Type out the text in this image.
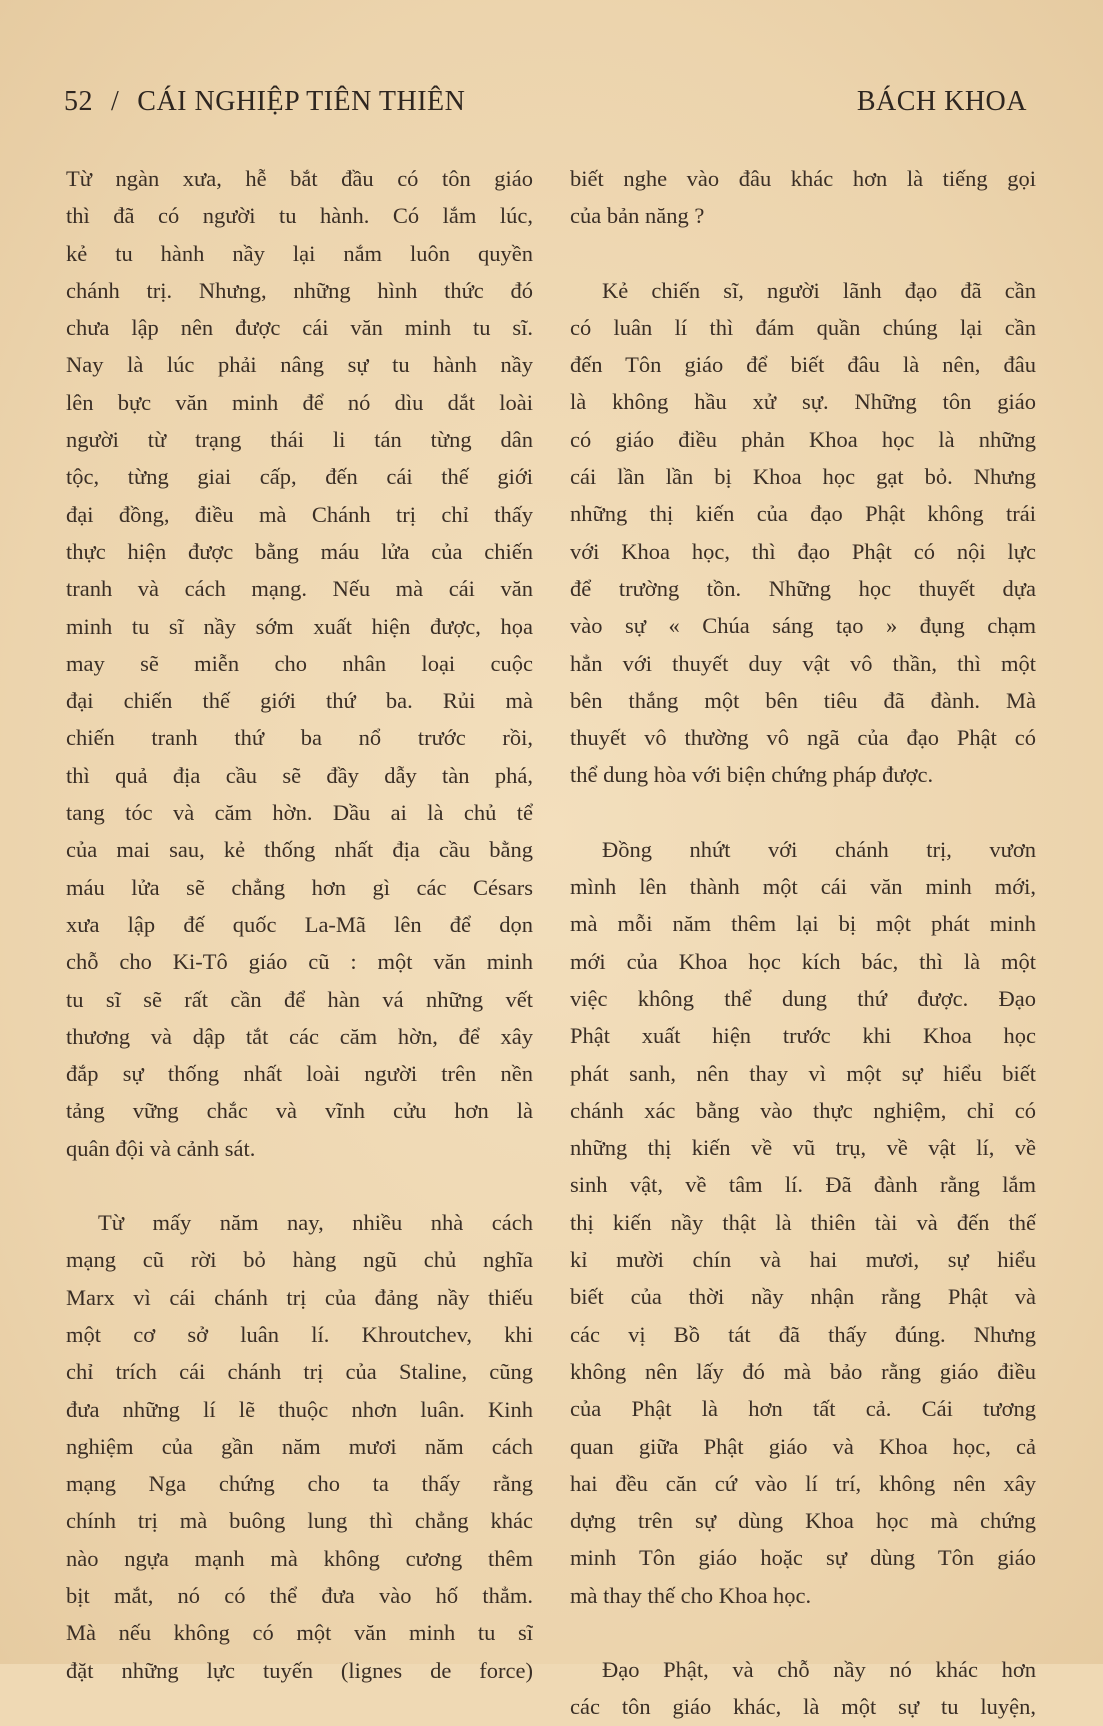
52 / CÁI NGHIỆP TIÊN THIÊN	BÁCH KHOA
Từ ngàn xưa, hễ bắt đầu có tôn giáo
thì đã có người tu hành. Có lắm lúc,
kẻ tu hành nầy lại nắm luôn quyền
chánh trị. Nhưng, những hình thức đó
chưa lập nên được cái văn minh tu sĩ.
Nay là lúc phải nâng sự tu hành nầy
lên bực văn minh để nó dìu dắt loài
người từ trạng thái li tán từng dân
tộc, từng giai cấp, đến cái thế giới
đại đồng, điều mà Chánh trị chỉ thấy
thực hiện được bằng máu lửa của chiến
tranh và cách mạng. Nếu mà cái văn
minh tu sĩ nầy sớm xuất hiện được, họa
may sẽ miễn cho nhân loại cuộc
đại chiến thế giới thứ ba. Rủi mà
chiến tranh thứ ba nổ trước rồi,
thì quả địa cầu sẽ đầy dẫy tàn phá,
tang tóc và căm hờn. Dầu ai là chủ tể
của mai sau, kẻ thống nhất địa cầu bằng
máu lửa sẽ chẳng hơn gì các Césars
xưa lập đế quốc La-Mã lên để dọn
chỗ cho Ki-Tô giáo cũ : một văn minh
tu sĩ sẽ rất cần để hàn vá những vết
thương và dập tắt các căm hờn, để xây
đắp sự thống nhất loài người trên nền
tảng vững chắc và vĩnh cửu hơn là
quân đội và cảnh sát.
Từ mấy năm nay, nhiều nhà cách
mạng cũ rời bỏ hàng ngũ chủ nghĩa
Marx vì cái chánh trị của đảng nầy thiếu
một cơ sở luân lí. Khroutchev, khi
chỉ trích cái chánh trị của Staline, cũng
đưa những lí lẽ thuộc nhơn luân. Kinh
nghiệm của gần năm mươi năm cách
mạng Nga chứng cho ta thấy rằng
chính trị mà buông lung thì chẳng khác
nào ngựa mạnh mà không cương thêm
bịt mắt, nó có thể đưa vào hố thẳm.
Mà nếu không có một văn minh tu sĩ
đặt những lực tuyến (lignes de force)
biết nghe vào đâu khác hơn là tiếng gọi
của bản năng ?
Kẻ chiến sĩ, người lãnh đạo đã cần
có luân lí thì đám quần chúng lại cần
đến Tôn giáo để biết đâu là nên, đâu
là không hầu xử sự. Những tôn giáo
có giáo điều phản Khoa học là những
cái lần lần bị Khoa học gạt bỏ. Nhưng
những thị kiến của đạo Phật không trái
với Khoa học, thì đạo Phật có nội lực
để trường tồn. Những học thuyết dựa
vào sự « Chúa sáng tạo » đụng chạm
hẳn với thuyết duy vật vô thần, thì một
bên thắng một bên tiêu đã đành. Mà
thuyết vô thường vô ngã của đạo Phật có
thể dung hòa với biện chứng pháp được.
Đồng nhứt với chánh trị, vươn
mình lên thành một cái văn minh mới,
mà mỗi năm thêm lại bị một phát minh
mới của Khoa học kích bác, thì là một
việc không thể dung thứ được. Đạo
Phật xuất hiện trước khi Khoa học
phát sanh, nên thay vì một sự hiểu biết
chánh xác bằng vào thực nghiệm, chỉ có
những thị kiến về vũ trụ, về vật lí, về
sinh vật, về tâm lí. Đã đành rằng lắm
thị kiến nầy thật là thiên tài và đến thế
kỉ mười chín và hai mươi, sự hiểu
biết của thời nầy nhận rằng Phật và
các vị Bồ tát đã thấy đúng. Nhưng
không nên lấy đó mà bảo rằng giáo điều
của Phật là hơn tất cả. Cái tương
quan giữa Phật giáo và Khoa học, cả
hai đều căn cứ vào lí trí, không nên xây
dựng trên sự dùng Khoa học mà chứng
minh Tôn giáo hoặc sự dùng Tôn giáo
mà thay thế cho Khoa học.
Đạo Phật, và chỗ nầy nó khác hơn
các tôn giáo khác, là một sự tu luyện,
